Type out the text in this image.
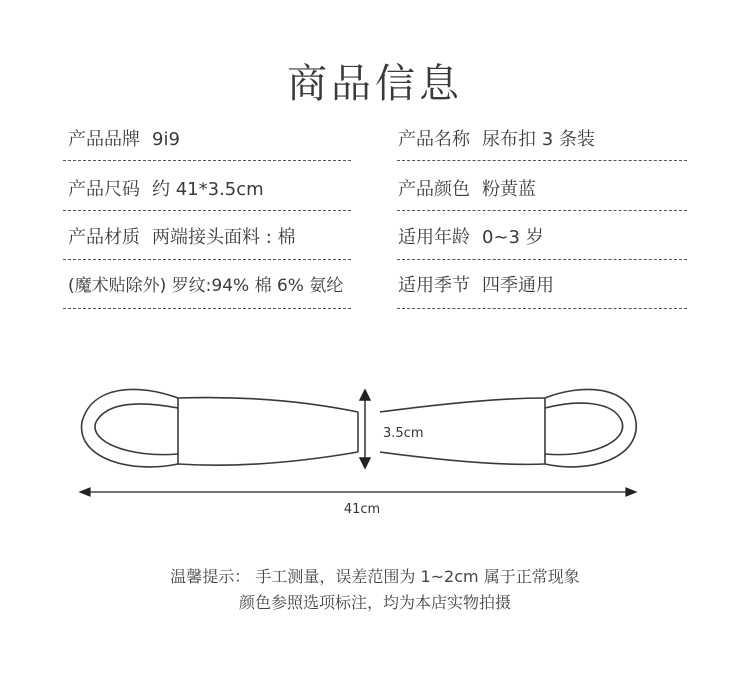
商品信息
产品品牌 9i9	产品名称 尿布扣 3 条装
产品尺码 约 41*3.5cm	产品颜色 粉黄蓝
产品材质 两端接头面料 : 棉	适用年龄 0~3 岁
(魔术贴除外) 罗纹:94% 棉 6% 氨纶	适用季节 四季通用
3.5cm
41cm
温馨提示： 手工测量，误差范围为 1~2cm 属于正常现象
颜色参照选项标注，均为本店实物拍摄
